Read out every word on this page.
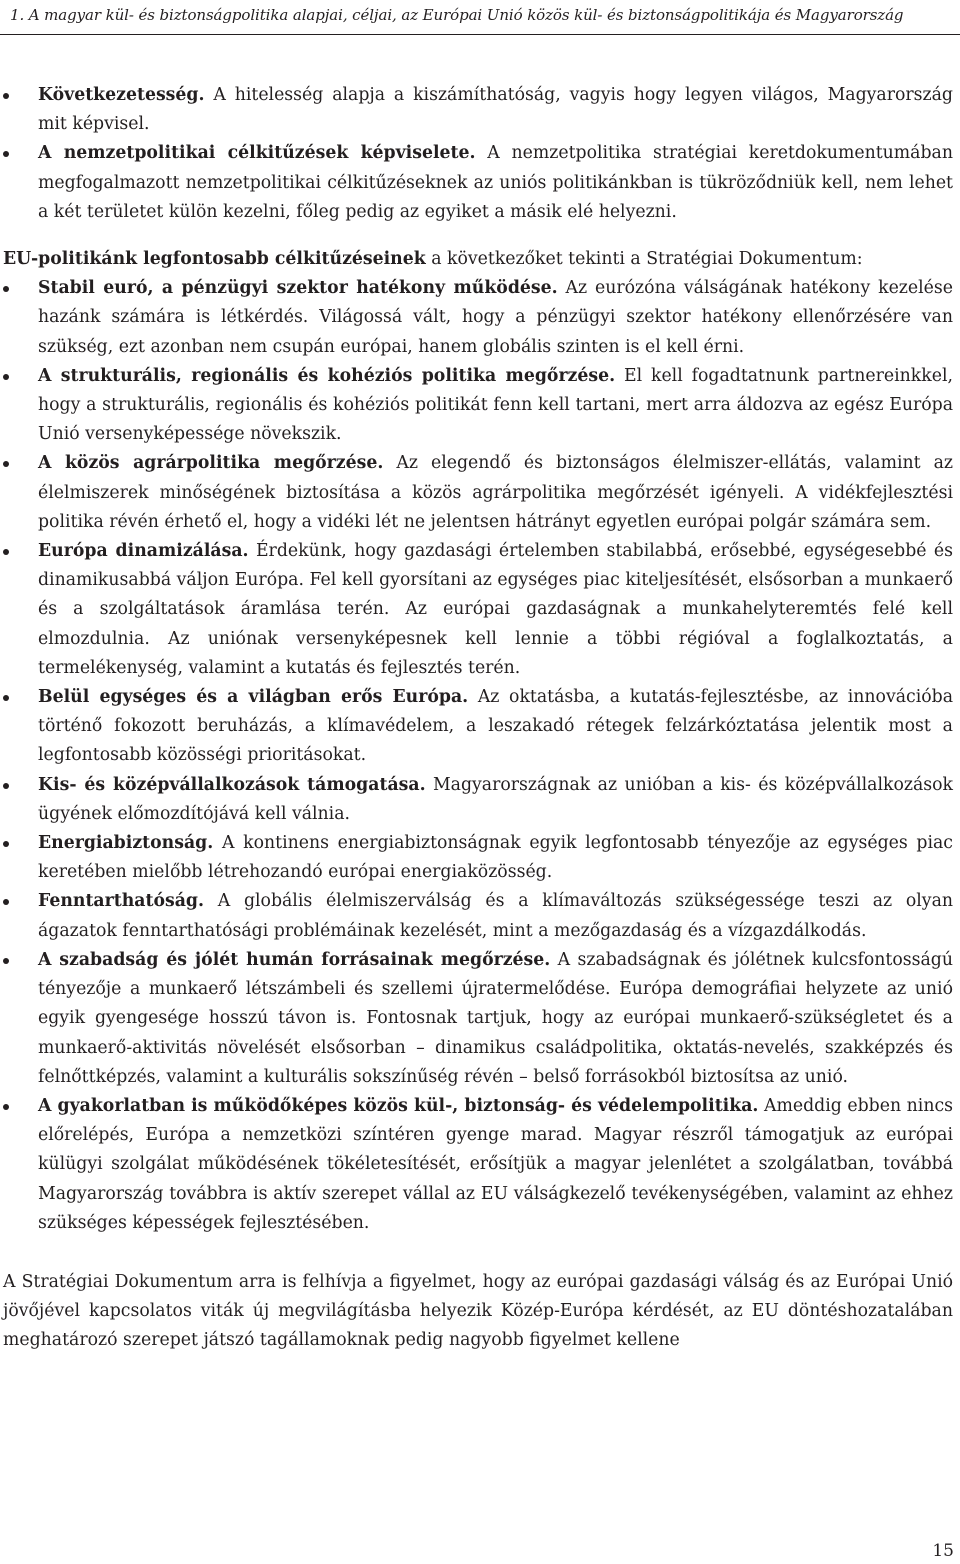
1. A magyar kül- és biztonságpolitika alapjai, céljai, az Európai Unió közös kül- és biztonságpolitikája és Magyarország
Következetesség. A hitelesség alapja a kiszámíthatóság, vagyis hogy legyen világos, Magyarország mit képvisel.
A nemzetpolitikai célkitűzések képviselete. A nemzetpolitika stratégiai keretdokumentumában megfogalmazott nemzetpolitikai célkitűzéseknek az uniós politikánkban is tükröződniük kell, nem lehet a két területet külön kezelni, főleg pedig az egyiket a másik elé helyezni.

EU-politikánk legfontosabb célkitűzéseinek a következőket tekinti a Stratégiai Dokumentum:

Stabil euró, a pénzügyi szektor hatékony működése. Az eurózóna válságának hatékony kezelése hazánk számára is létkérdés. Világossá vált, hogy a pénzügyi szektor hatékony ellenőrzésére van szükség, ezt azonban nem csupán európai, hanem globális szinten is el kell érni.
A strukturális, regionális és kohéziós politika megőrzése. El kell fogadtatnunk partnereinkkel, hogy a strukturális, regionális és kohéziós politikát fenn kell tartani, mert arra áldozva az egész Európa Unió versenyképessége növekszik.
A közös agrárpolitika megőrzése. Az elegendő és biztonságos élelmiszer-ellátás, valamint az élelmiszerek minőségének biztosítása a közös agrárpolitika megőrzését igényeli. A vidékfejlesztési politika révén érhető el, hogy a vidéki lét ne jelentsen hátrányt egyetlen európai polgár számára sem.
Európa dinamizálása. Érdekünk, hogy gazdasági értelemben stabilabbá, erősebbé, egységesebbé és dinamikusabbá váljon Európa. Fel kell gyorsítani az egységes piac kiteljesítését, elsősorban a munkaerő és a szolgáltatások áramlása terén. Az európai gazdaságnak a munkahelyteremtés felé kell elmozdulnia. Az uniónak versenyképesnek kell lennie a többi régióval a foglalkoztatás, a termelékenység, valamint a kutatás és fejlesztés terén.
Belül egységes és a világban erős Európa. Az oktatásba, a kutatás-fejlesztésbe, az innovációba történő fokozott beruházás, a klímavédelem, a leszakadó rétegek felzárkóztatása jelentik most a legfontosabb közösségi prioritásokat.
Kis- és középvállalkozások támogatása. Magyarországnak az unióban a kis- és középvállalkozások ügyének előmozdítójává kell válnia.
Energiabiztonság. A kontinens energiabiztonságnak egyik legfontosabb tényezője az egységes piac keretében mielőbb létrehozandó európai energiaközösség.
Fenntarthatóság. A globális élelmiszerválság és a klímaváltozás szükségessége teszi az olyan ágazatok fenntarthatósági problémáinak kezelését, mint a mezőgazdaság és a vízgazdálkodás.
A szabadság és jólét humán forrásainak megőrzése. A szabadságnak és jólétnek kulcsfontosságú tényezője a munkaerő létszámbeli és szellemi újratermelődése. Európa demográfiai helyzete az unió egyik gyengesége hosszú távon is. Fontosnak tartjuk, hogy az európai munkaerő-szükségletet és a munkaerő-aktivitás növelését elsősorban – dinamikus családpolitika, oktatás-nevelés, szakképzés és felnőttképzés, valamint a kulturális sokszínűség révén – belső forrásokból biztosítsa az unió.
A gyakorlatban is működőképes közös kül-, biztonság- és védelempolitika. Ameddig ebben nincs előrelépés, Európa a nemzetközi színtéren gyenge marad. Magyar részről támogatjuk az európai külügyi szolgálat működésének tökéletesítését, erősítjük a magyar jelenlétet a szolgálatban, továbbá Magyarország továbbra is aktív szerepet vállal az EU válságkezelő tevékenységében, valamint az ehhez szükséges képességek fejlesztésében.

A Stratégiai Dokumentum arra is felhívja a figyelmet, hogy az európai gazdasági válság és az Európai Unió jövőjével kapcsolatos viták új megvilágításba helyezik Közép-Európa kérdését, az EU döntéshozatalában meghatározó szerepet játszó tagállamoknak pedig nagyobb figyelmet kellene

15
